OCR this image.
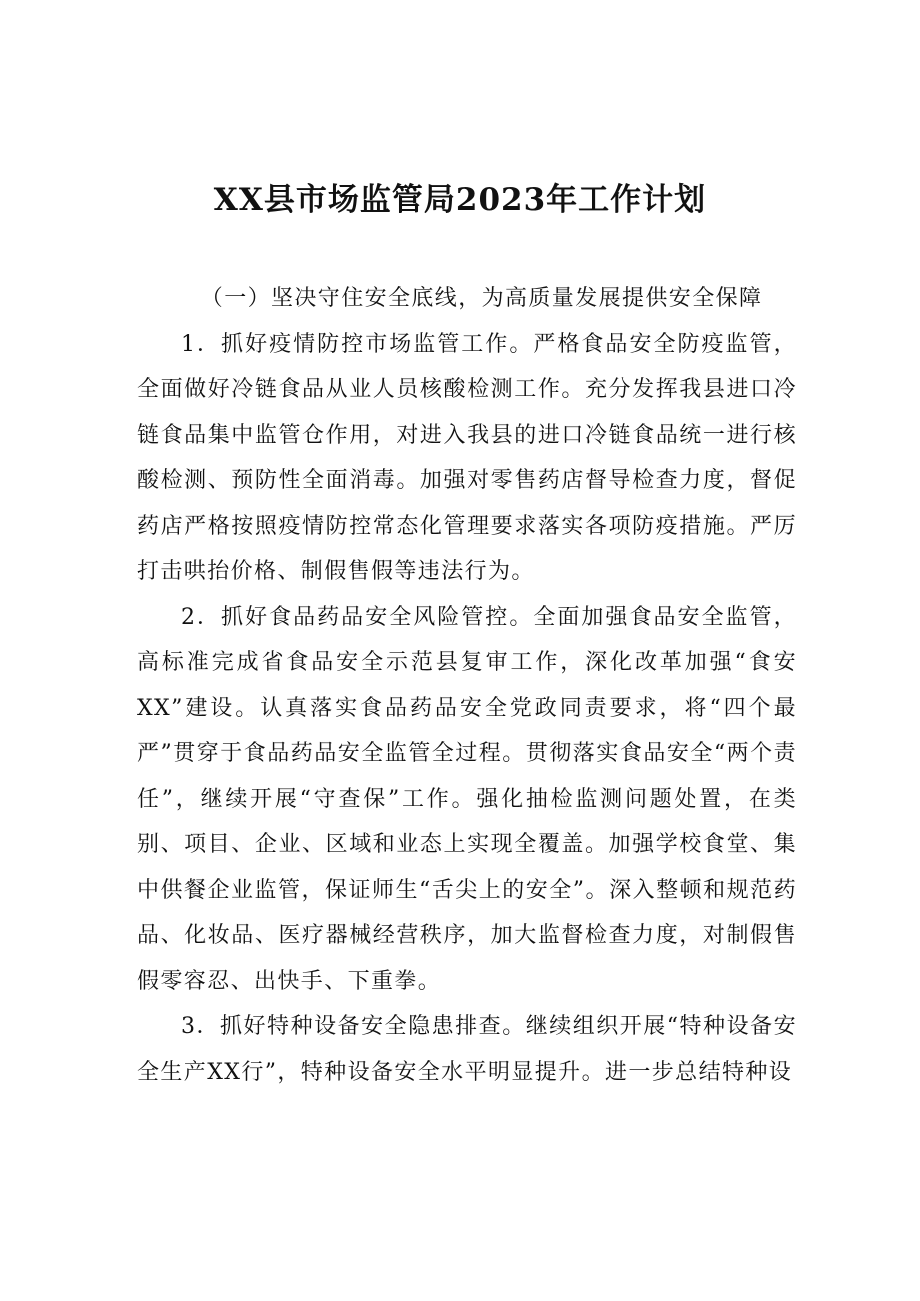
XX县市场监管局2023年工作计划

（一）坚决守住安全底线，为高质量发展提供安全保障

1．抓好疫情防控市场监管工作。严格食品安全防疫监管，全面做好冷链食品从业人员核酸检测工作。充分发挥我县进口冷链食品集中监管仓作用，对进入我县的进口冷链食品统一进行核酸检测、预防性全面消毒。加强对零售药店督导检查力度，督促药店严格按照疫情防控常态化管理要求落实各项防疫措施。严厉打击哄抬价格、制假售假等违法行为。

2．抓好食品药品安全风险管控。全面加强食品安全监管，高标准完成省食品安全示范县复审工作，深化改革加强“食安XX”建设。认真落实食品药品安全党政同责要求，将“四个最严”贯穿于食品药品安全监管全过程。贯彻落实食品安全“两个责任”，继续开展“守查保”工作。强化抽检监测问题处置，在类别、项目、企业、区域和业态上实现全覆盖。加强学校食堂、集中供餐企业监管，保证师生“舌尖上的安全”。深入整顿和规范药品、化妆品、医疗器械经营秩序，加大监督检查力度，对制假售假零容忍、出快手、下重拳。

3．抓好特种设备安全隐患排查。继续组织开展“特种设备安全生产XX行”，特种设备安全水平明显提升。进一步总结特种设
